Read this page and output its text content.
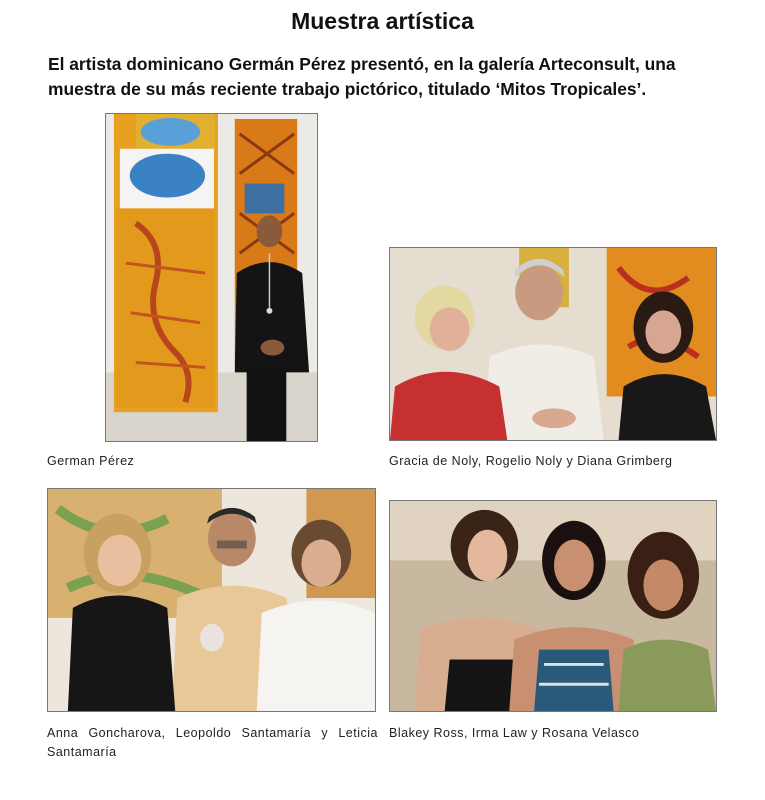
Muestra artística
El artista dominicano Germán Pérez presentó, en la galería Arteconsult, una muestra de su más reciente trabajo pictórico, titulado ‘Mitos Tropicales’.
German Pérez	Gracia de Noly, Rogelio Noly y Diana Grimberg
Anna Goncharova, Leopoldo Santamaría y Leticia Santamaría
Blakey Ross, Irma Law y Rosana Velasco
